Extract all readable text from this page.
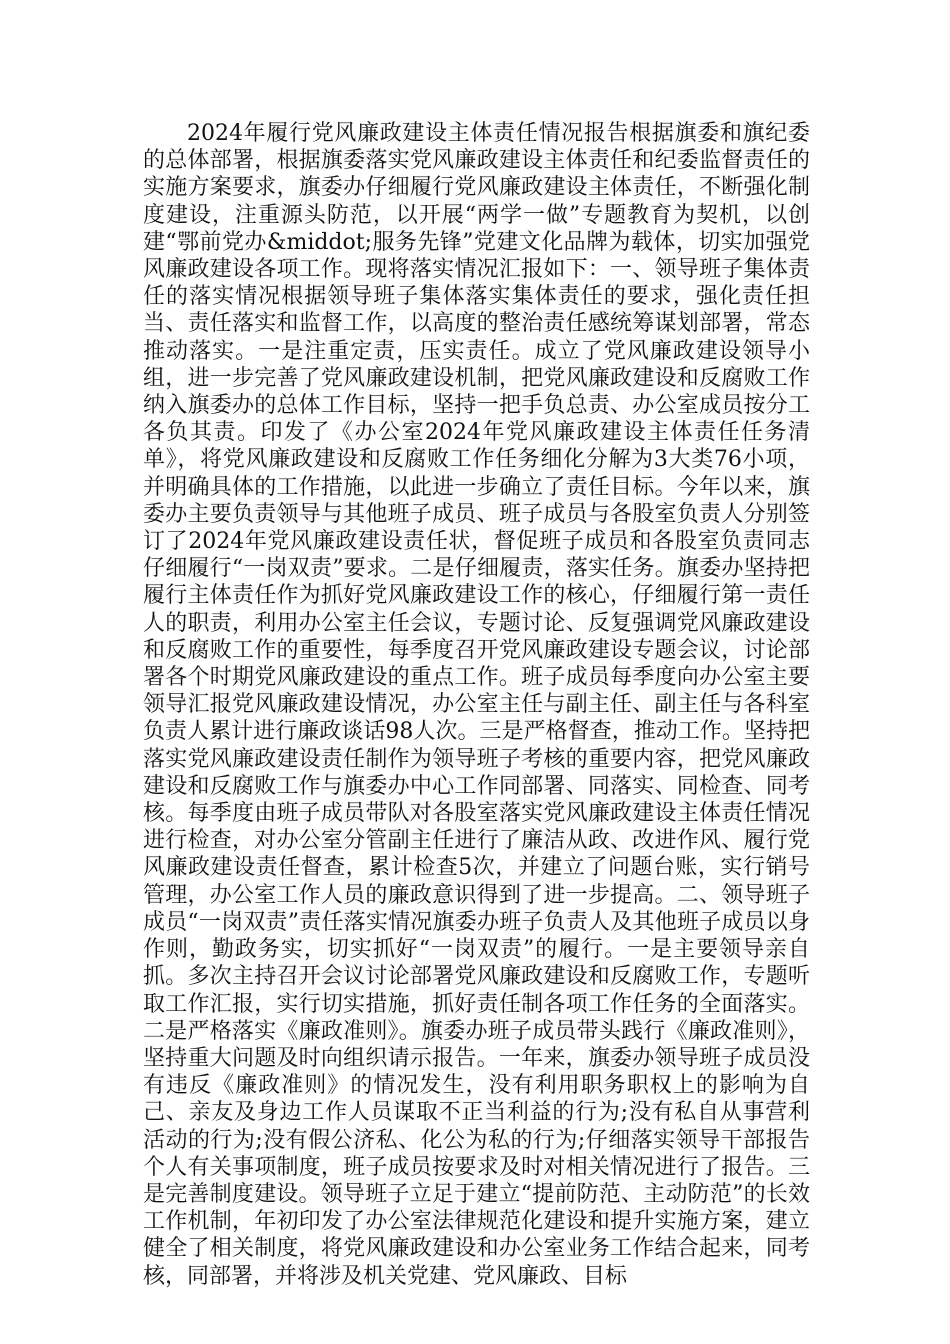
2024年履行党风廉政建设主体责任情况报告根据旗委和旗纪委的总体部署，根据旗委落实党风廉政建设主体责任和纪委监督责任的实施方案要求，旗委办仔细履行党风廉政建设主体责任，不断强化制度建设，注重源头防范，以开展“两学一做”专题教育为契机，以创建“鄂前党办&middot;服务先锋”党建文化品牌为载体，切实加强党风廉政建设各项工作。现将落实情况汇报如下：一、领导班子集体责任的落实情况根据领导班子集体落实集体责任的要求，强化责任担当、责任落实和监督工作，以高度的整治责任感统筹谋划部署，常态推动落实。一是注重定责，压实责任。成立了党风廉政建设领导小组，进一步完善了党风廉政建设机制，把党风廉政建设和反腐败工作纳入旗委办的总体工作目标，坚持一把手负总责、办公室成员按分工各负其责。印发了《办公室2024年党风廉政建设主体责任任务清单》，将党风廉政建设和反腐败工作任务细化分解为3大类76小项，并明确具体的工作措施，以此进一步确立了责任目标。今年以来，旗委办主要负责领导与其他班子成员、班子成员与各股室负责人分别签订了2024年党风廉政建设责任状，督促班子成员和各股室负责同志仔细履行“一岗双责”要求。二是仔细履责，落实任务。旗委办坚持把履行主体责任作为抓好党风廉政建设工作的核心，仔细履行第一责任人的职责，利用办公室主任会议，专题讨论、反复强调党风廉政建设和反腐败工作的重要性，每季度召开党风廉政建设专题会议，讨论部署各个时期党风廉政建设的重点工作。班子成员每季度向办公室主要领导汇报党风廉政建设情况，办公室主任与副主任、副主任与各科室负责人累计进行廉政谈话98人次。三是严格督查，推动工作。坚持把落实党风廉政建设责任制作为领导班子考核的重要内容，把党风廉政建设和反腐败工作与旗委办中心工作同部署、同落实、同检查、同考核。每季度由班子成员带队对各股室落实党风廉政建设主体责任情况进行检查，对办公室分管副主任进行了廉洁从政、改进作风、履行党风廉政建设责任督查，累计检查5次，并建立了问题台账，实行销号管理，办公室工作人员的廉政意识得到了进一步提高。二、领导班子成员“一岗双责”责任落实情况旗委办班子负责人及其他班子成员以身作则，勤政务实，切实抓好“一岗双责”的履行。一是主要领导亲自抓。多次主持召开会议讨论部署党风廉政建设和反腐败工作，专题听取工作汇报，实行切实措施，抓好责任制各项工作任务的全面落实。二是严格落实《廉政准则》。旗委办班子成员带头践行《廉政准则》，坚持重大问题及时向组织请示报告。一年来，旗委办领导班子成员没有违反《廉政准则》的情况发生，没有利用职务职权上的影响为自己、亲友及身边工作人员谋取不正当利益的行为;没有私自从事营利活动的行为;没有假公济私、化公为私的行为;仔细落实领导干部报告个人有关事项制度，班子成员按要求及时对相关情况进行了报告。三是完善制度建设。领导班子立足于建立“提前防范、主动防范”的长效工作机制，年初印发了办公室法律规范化建设和提升实施方案，建立健全了相关制度，将党风廉政建设和办公室业务工作结合起来，同考核，同部署，并将涉及机关党建、党风廉政、目标
